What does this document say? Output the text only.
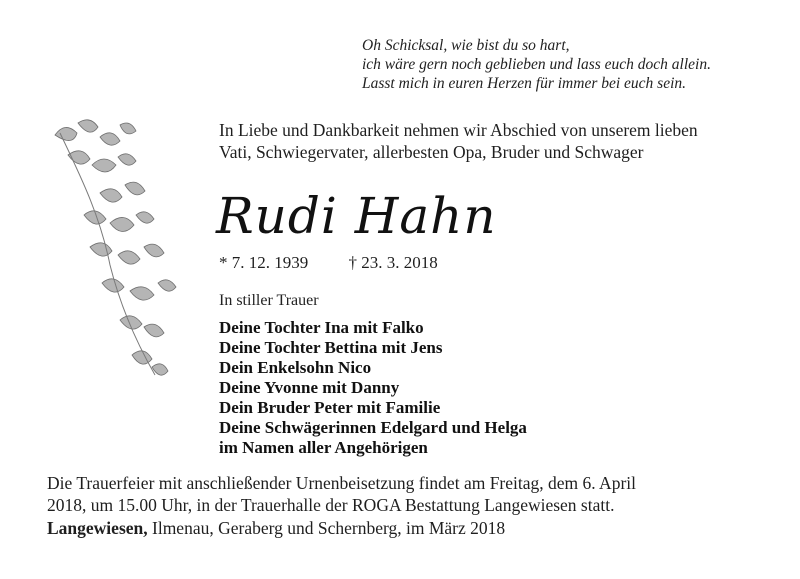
Oh Schicksal, wie bist du so hart,
ich wäre gern noch geblieben und lass euch doch allein.
Lasst mich in euren Herzen für immer bei euch sein.
In Liebe und Dankbarkeit nehmen wir Abschied von unserem lieben
Vati, Schwiegervater, allerbesten Opa, Bruder und Schwager
Rudi Hahn
* 7. 12. 1939 † 23. 3. 2018
In stiller Trauer
Deine Tochter Ina mit Falko
Deine Tochter Bettina mit Jens
Dein Enkelsohn Nico
Deine Yvonne mit Danny
Dein Bruder Peter mit Familie
Deine Schwägerinnen Edelgard und Helga
im Namen aller Angehörigen
Die Trauerfeier mit anschließender Urnenbeisetzung findet am Freitag, dem 6. April
2018, um 15.00 Uhr, in der Trauerhalle der ROGA Bestattung Langewiesen statt.
Langewiesen, Ilmenau, Geraberg und Schernberg, im März 2018
